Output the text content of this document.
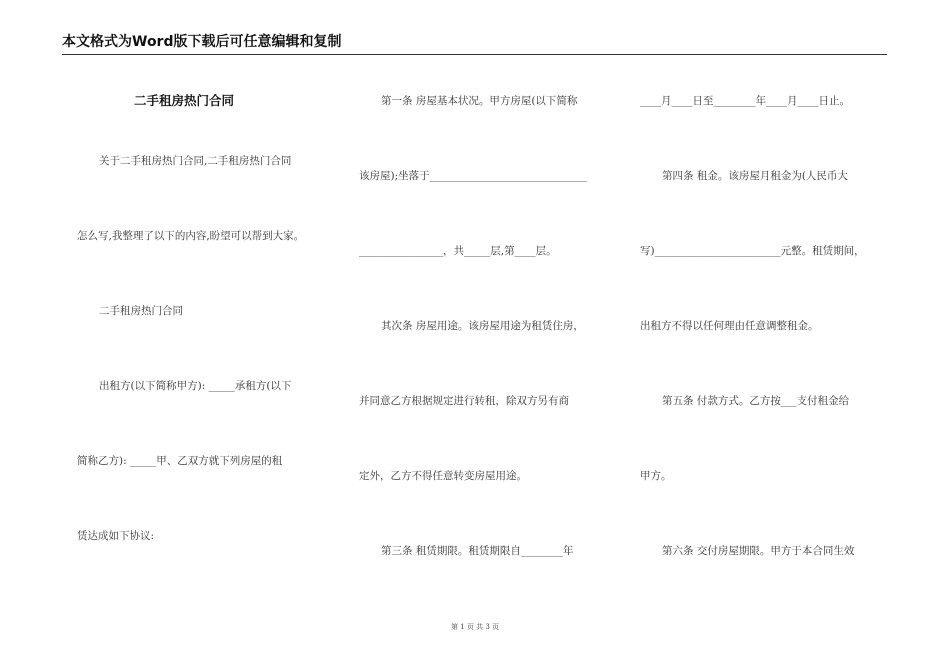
本文格式为Word版下载后可任意编辑和复制
二手租房热门合同
关于二手租房热门合同,二手租房热门合同
怎么写,我整理了以下的内容,盼望可以帮到大家。
二手租房热门合同
出租方(以下简称甲方): _____承租方(以下
简称乙方): _____甲、乙双方就下列房屋的租
赁达成如下协议:
第一条 房屋基本状况。甲方房屋(以下简称
该房屋);坐落于______________________________
________________，共_____层,第____层。
其次条 房屋用途。该房屋用途为租赁住房，
并同意乙方根据规定进行转租，除双方另有商
定外，乙方不得任意转变房屋用途。
第三条 租赁期限。租赁期限自________年
____月____日至________年____月____日止。
第四条 租金。该房屋月租金为(人民币大
写)________________________元整。租赁期间，
出租方不得以任何理由任意调整租金。
第五条 付款方式。乙方按___支付租金给
甲方。
第六条 交付房屋期限。甲方于本合同生效
第 1 页 共 3 页
